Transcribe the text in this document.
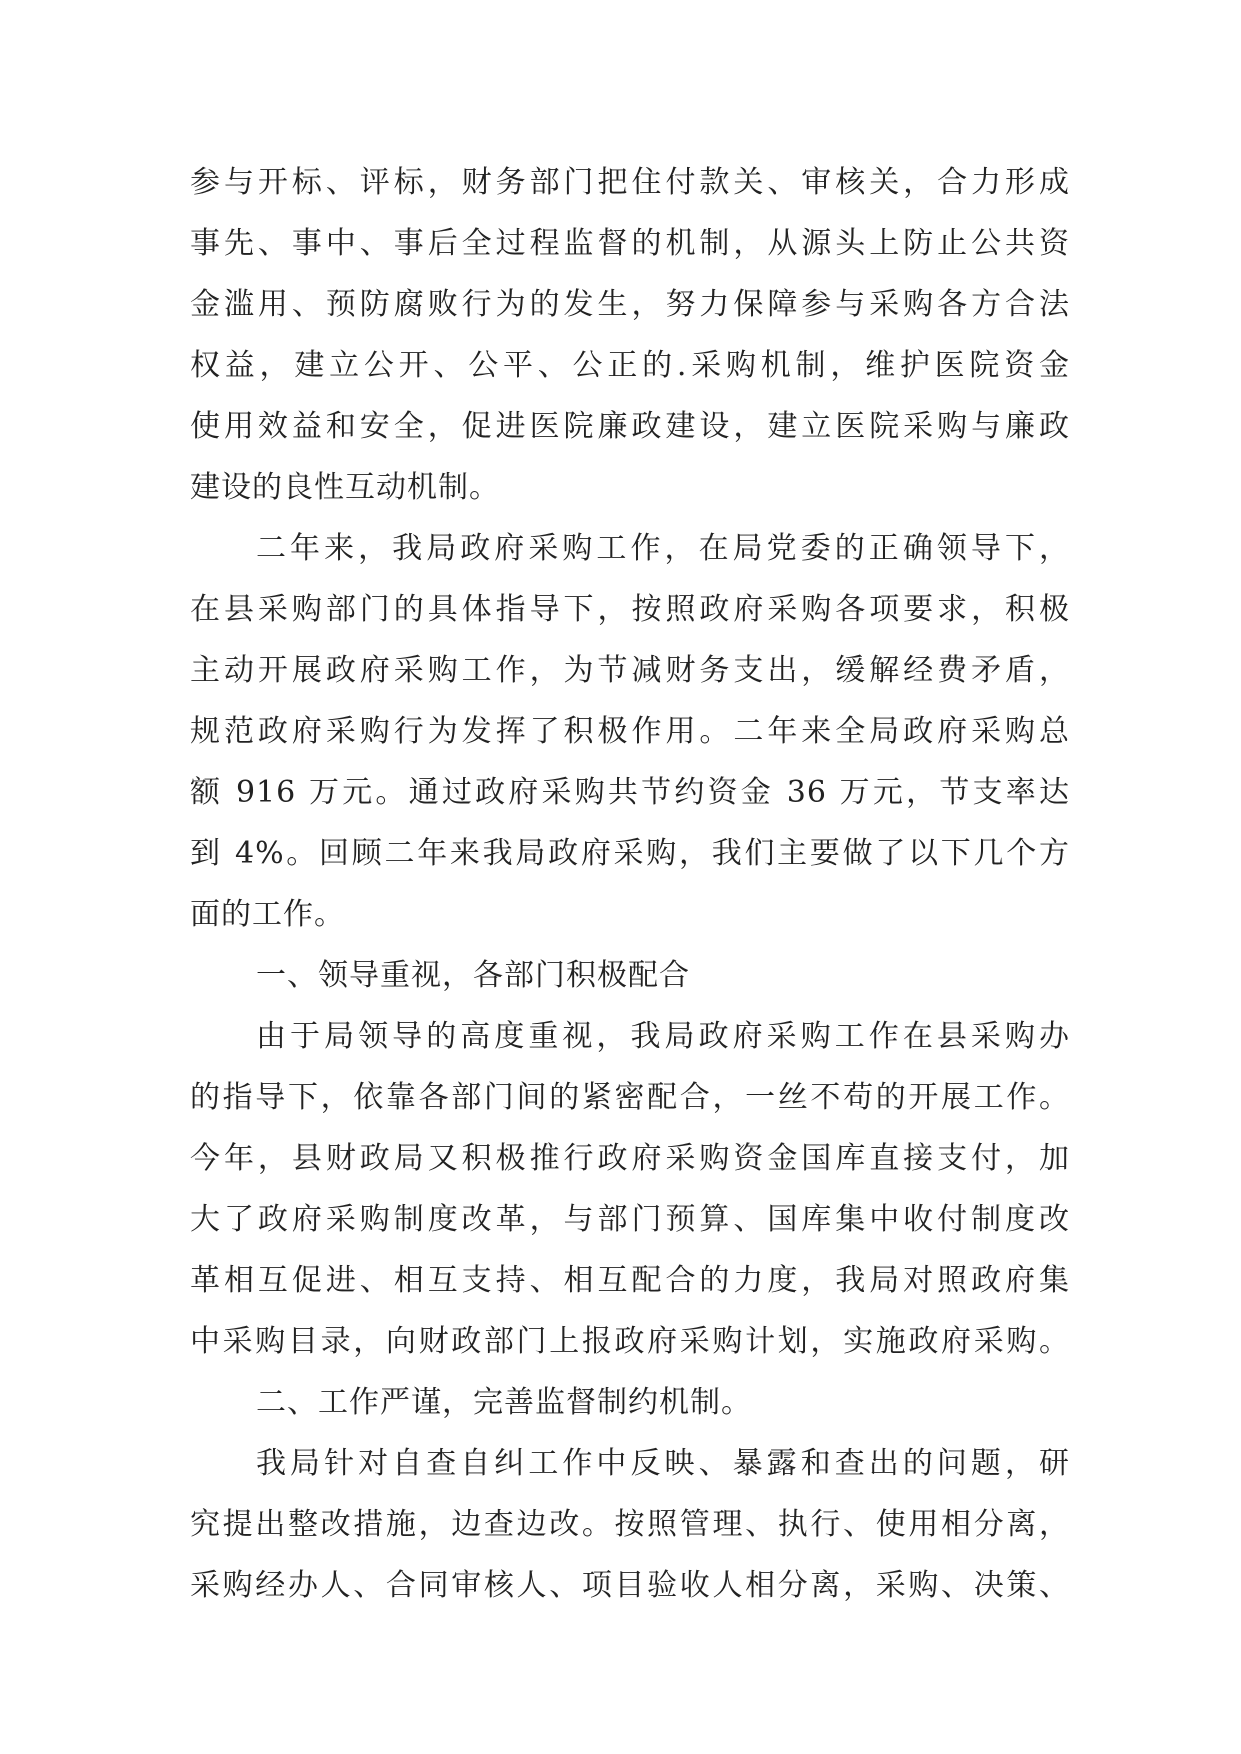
参与开标、评标，财务部门把住付款关、审核关，合力形成
事先、事中、事后全过程监督的机制，从源头上防止公共资
金滥用、预防腐败行为的发生，努力保障参与采购各方合法
权益，建立公开、公平、公正的.采购机制，维护医院资金
使用效益和安全，促进医院廉政建设，建立医院采购与廉政
建设的良性互动机制。
二年来，我局政府采购工作，在局党委的正确领导下，
在县采购部门的具体指导下，按照政府采购各项要求，积极
主动开展政府采购工作，为节减财务支出，缓解经费矛盾，
规范政府采购行为发挥了积极作用。二年来全局政府采购总
额 916 万元。通过政府采购共节约资金 36 万元，节支率达
到 4%。回顾二年来我局政府采购，我们主要做了以下几个方
面的工作。
一、领导重视，各部门积极配合
由于局领导的高度重视，我局政府采购工作在县采购办
的指导下，依靠各部门间的紧密配合，一丝不苟的开展工作。
今年，县财政局又积极推行政府采购资金国库直接支付，加
大了政府采购制度改革，与部门预算、国库集中收付制度改
革相互促进、相互支持、相互配合的力度，我局对照政府集
中采购目录，向财政部门上报政府采购计划，实施政府采购。
二、工作严谨，完善监督制约机制。
我局针对自查自纠工作中反映、暴露和查出的问题，研
究提出整改措施，边查边改。按照管理、执行、使用相分离，
采购经办人、合同审核人、项目验收人相分离，采购、决策、
